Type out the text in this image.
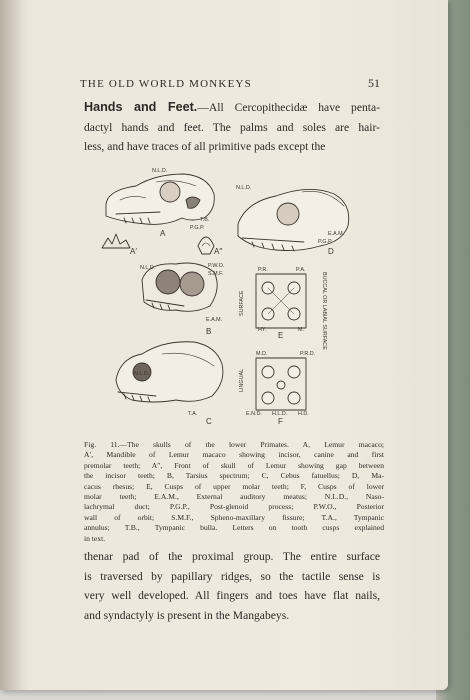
THE OLD WORLD MONKEYS	51
Hands and Feet.—All Cercopithecidæ have penta-
dactyl hands and feet. The palms and soles are hair-
less, and have traces of all primitive pads except the
N.L.D.
T.B.
P.G.P.
A
A′	A″
N.L.D.
E.A.M.
P.G.P.
D
N.L.D.	P.W.O.
S.M.F.
E.A.M.
B
N.L.D.
T.A.
C
P.R.	P.A.
HY.	M.
E
M.D.	P.R.D.
E.N.D. H.L.D. H.D.
F
SURFACE
LINGUAL
BUCCAL OR LABIAL SURFACE
Fig. 11.—The skulls of the lower Primates. A, Lemur macaco;
A′, Mandible of Lemur macaco showing incisor, canine and first
premolar teeth; A″, Front of skull of Lemur showing gap between
the incisor teeth; B, Tarsius spectrum; C, Cebus fatuellus; D, Ma-
cacus rhesus; E, Cusps of upper molar teeth; F, Cusps of lower
molar teeth; E.A.M., External auditory meatus; N.L.D., Naso-
lachrymal duct; P.G.P., Post-glenoid process; P.W.O., Posterior
wall of orbit; S.M.F., Spheno-maxillary fissure; T.A., Tympanic
annulus; T.B., Tympanic bulla. Letters on tooth cusps explained
in text.
thenar pad of the proximal group. The entire surface
is traversed by papillary ridges, so the tactile sense is
very well developed. All fingers and toes have flat nails,
and syndactyly is present in the Mangabeys.
